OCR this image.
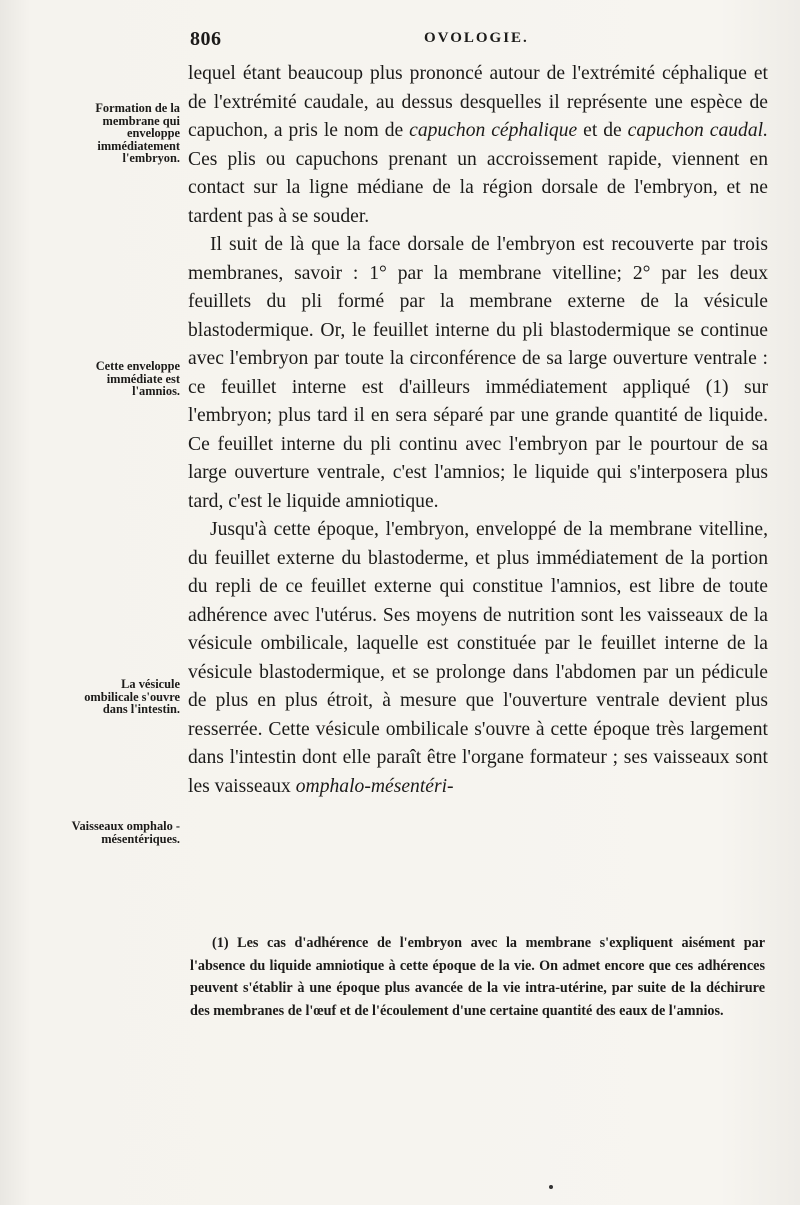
806	OVOLOGIE.
Formation de la membrane qui enveloppe immédiatement l'embryon.
Cette enveloppe immédiate est l'amnios.
La vésicule ombilicale s'ouvre dans l'intestin.
Vaisseaux omphalo - mésentériques.

lequel étant beaucoup plus prononcé autour de l'extrémité céphalique et de l'extrémité caudale, au dessus desquelles il représente une espèce de capuchon, a pris le nom de capuchon céphalique et de capuchon caudal. Ces plis ou capuchons prenant un accroissement rapide, viennent en contact sur la ligne médiane de la région dorsale de l'embryon, et ne tardent pas à se souder.

Il suit de là que la face dorsale de l'embryon est recouverte par trois membranes, savoir : 1° par la membrane vitelline; 2° par les deux feuillets du pli formé par la membrane externe de la vésicule blastodermique. Or, le feuillet interne du pli blastodermique se continue avec l'embryon par toute la circonférence de sa large ouverture ventrale : ce feuillet interne est d'ailleurs immédiatement appliqué (1) sur l'embryon; plus tard il en sera séparé par une grande quantité de liquide. Ce feuillet interne du pli continu avec l'embryon par le pourtour de sa large ouverture ventrale, c'est l'amnios; le liquide qui s'interposera plus tard, c'est le liquide amniotique.

Jusqu'à cette époque, l'embryon, enveloppé de la membrane vitelline, du feuillet externe du blastoderme, et plus immédiatement de la portion du repli de ce feuillet externe qui constitue l'amnios, est libre de toute adhérence avec l'utérus. Ses moyens de nutrition sont les vaisseaux de la vésicule ombilicale, laquelle est constituée par le feuillet interne de la vésicule blastodermique, et se prolonge dans l'abdomen par un pédicule de plus en plus étroit, à mesure que l'ouverture ventrale devient plus resserrée. Cette vésicule ombilicale s'ouvre à cette époque très largement dans l'intestin dont elle paraît être l'organe formateur ; ses vaisseaux sont les vaisseaux omphalo-mésentéri-

(1) Les cas d'adhérence de l'embryon avec la membrane s'expliquent aisément par l'absence du liquide amniotique à cette époque de la vie. On admet encore que ces adhérences peuvent s'établir à une époque plus avancée de la vie intra-utérine, par suite de la déchirure des membranes de l'œuf et de l'écoulement d'une certaine quantité des eaux de l'amnios.
